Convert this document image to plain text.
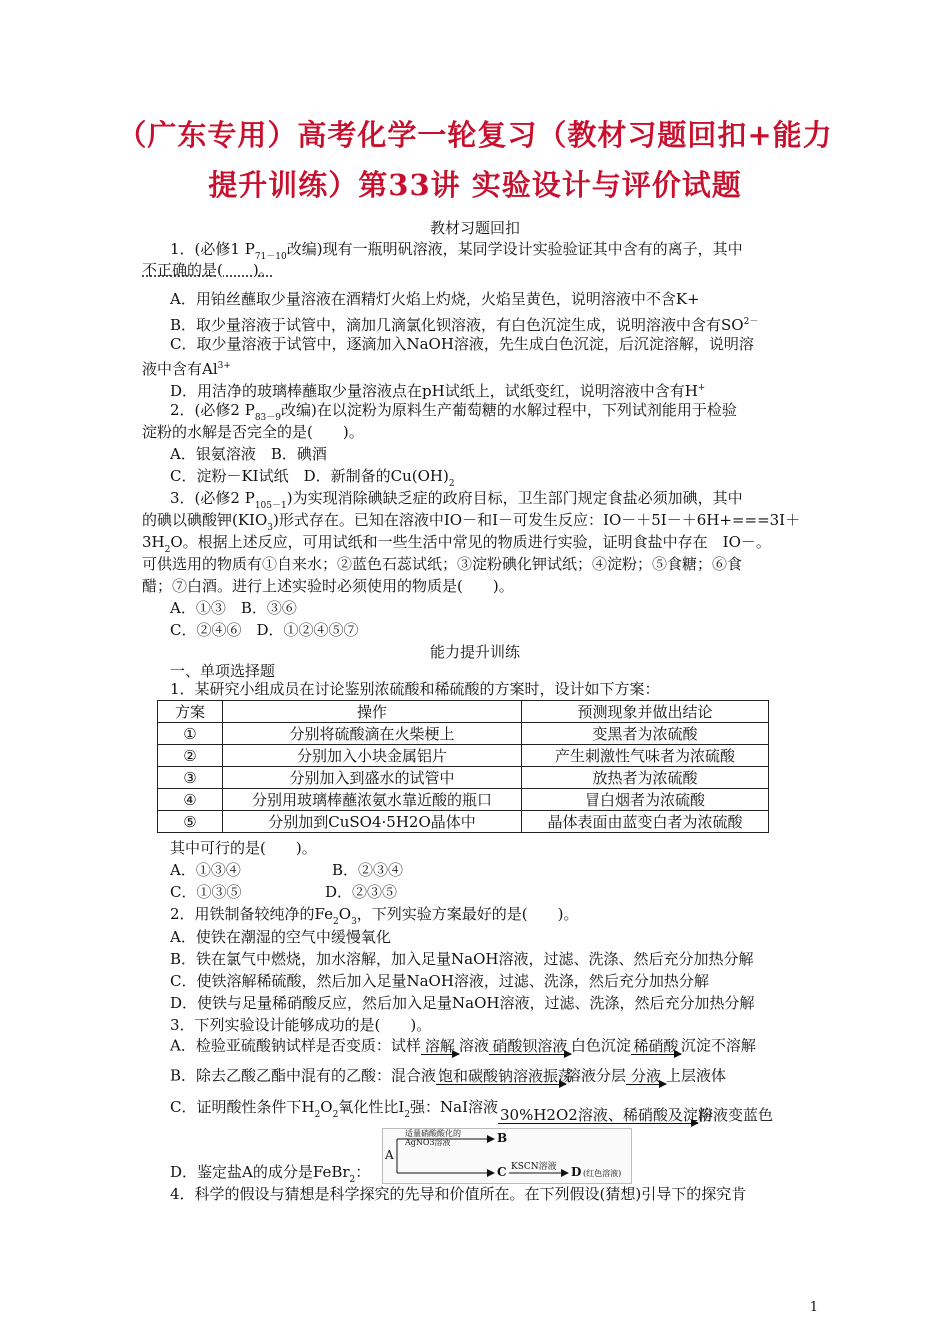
（广东专用）高考化学一轮复习（教材习题回扣+能力
提升训练）第33讲 实验设计与评价试题
教材习题回扣
1．(必修1 $P_{71-10}$改编)现有一瓶明矾溶液，某同学设计实验验证其中含有的离子，其中
不正确的是(　　)。
A．用铂丝蘸取少量溶液在酒精灯火焰上灼烧，火焰呈黄色，说明溶液中不含K+
B．取少量溶液于试管中，滴加几滴氯化钡溶液，有白色沉淀生成，说明溶液中含有$SO^{2-}$
C．取少量溶液于试管中，逐滴加入NaOH溶液，先生成白色沉淀，后沉淀溶解，说明溶
液中含有$Al^{3+}$
D．用洁净的玻璃棒蘸取少量溶液点在pH试纸上，试纸变红，说明溶液中含有H+
2．(必修2 $P_{83-9}$改编)在以淀粉为原料生产葡萄糖的水解过程中，下列试剂能用于检验
淀粉的水解是否完全的是(　　)。
A．银氨溶液　B．碘酒
C．淀粉－KI试纸　D．新制备的$Cu(OH)_2$
3．(必修2 $P_{105-1}$)为实现消除碘缺乏症的政府目标，卫生部门规定食盐必须加碘，其中
的碘以碘酸钾$(KIO_3)$形式存在。已知在溶液中IO－和I－可发生反应：IO－＋5I－＋6H+===3I＋
$3H_2O$。根据上述反应，可用试纸和一些生活中常见的物质进行实验，证明食盐中存在　IO－。
可供选用的物质有①自来水；②蓝色石蕊试纸；③淀粉碘化钾试纸；④淀粉；⑤食糖；⑥食
醋；⑦白酒。进行上述实验时必须使用的物质是(　　)。
A．①③　B．③⑥
C．②④⑥　D．①②④⑤⑦
能力提升训练
一、单项选择题
1．某研究小组成员在讨论鉴别浓硫酸和稀硫酸的方案时，设计如下方案：
方案	操作	预测现象并做出结论
①	分别将硫酸滴在火柴梗上	变黑者为浓硫酸
②	分别加入小块金属铝片	产生刺激性气味者为浓硫酸
③	分别加入到盛水的试管中	放热者为浓硫酸
④	分别用玻璃棒蘸浓氨水靠近酸的瓶口	冒白烟者为浓硫酸
⑤	分别加到CuSO4·5H2O晶体中	晶体表面由蓝变白者为浓硫酸
其中可行的是(　　)。
A．①③④	B．②③④
C．①③⑤	D．②③⑤
2．用铁制备较纯净的$Fe_2O_3$，下列实验方案最好的是(　　)。
A．使铁在潮湿的空气中缓慢氧化
B．铁在氯气中燃烧，加水溶解，加入足量NaOH溶液，过滤、洗涤、然后充分加热分解
C．使铁溶解稀硫酸，然后加入足量NaOH溶液，过滤、洗涤，然后充分加热分解
D．使铁与足量稀硝酸反应，然后加入足量NaOH溶液，过滤、洗涤，然后充分加热分解
3．下列实验设计能够成功的是(　　)。
A．检验亚硫酸钠试样是否变质：试样 溶解 溶液 硝酸钡溶液 白色沉淀 稀硝酸 沉淀不溶解
B．除去乙酸乙酯中混有的乙酸：混合液 饱和碳酸钠溶液振荡
溶液分层 分液 上层液体
C．证明酸性条件下$H_2O_2$氧化性比$I_2$强：NaI溶液 30%H2O2溶液、稀硝酸及淀粉
溶液变蓝色
A
适量硝酸酸化的AgNO3溶液	B
C KSCN溶液 D (红色溶液)
D．鉴定盐A的成分是FeBr$_2$：
4．科学的假设与猜想是科学探究的先导和价值所在。在下列假设(猜想)引导下的探究肯
1
